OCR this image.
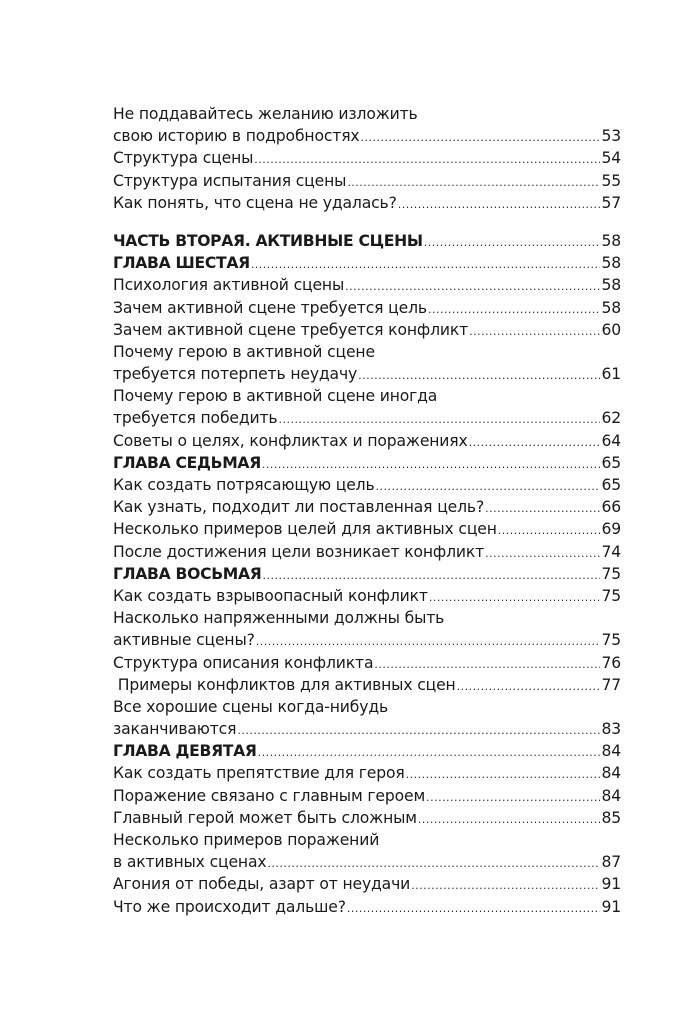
Не поддавайтесь желанию изложить
свою историю в подробностях .....	53
Структура сцены .....	54
Структура испытания сцены .....	55
Как понять, что сцена не удалась? .....	57
ЧАСТЬ ВТОРАЯ. АКТИВНЫЕ СЦЕНЫ .....	58
ГЛАВА ШЕСТАЯ .....	58
Психология активной сцены .....	58
Зачем активной сцене требуется цель .....	58
Зачем активной сцене требуется конфликт .....	60
Почему герою в активной сцене
требуется потерпеть неудачу .....	61
Почему герою в активной сцене иногда
требуется победить .....	62
Советы о целях, конфликтах и поражениях .....	64
ГЛАВА СЕДЬМАЯ .....	65
Как создать потрясающую цель .....	65
Как узнать, подходит ли поставленная цель? .....	66
Несколько примеров целей для активных сцен .....	69
После достижения цели возникает конфликт .....	74
ГЛАВА ВОСЬМАЯ .....	75
Как создать взрывоопасный конфликт .....	75
Насколько напряженными должны быть
активные сцены? .....	75
Структура описания конфликта .....	76
Примеры конфликтов для активных сцен .....	77
Все хорошие сцены когда-нибудь
заканчиваются .....	83
ГЛАВА ДЕВЯТАЯ .....	84
Как создать препятствие для героя .....	84
Поражение связано с главным героем .....	84
Главный герой может быть сложным .....	85
Несколько примеров поражений
в активных сценах .....	87
Агония от победы, азарт от неудачи .....	91
Что же происходит дальше? .....	91
